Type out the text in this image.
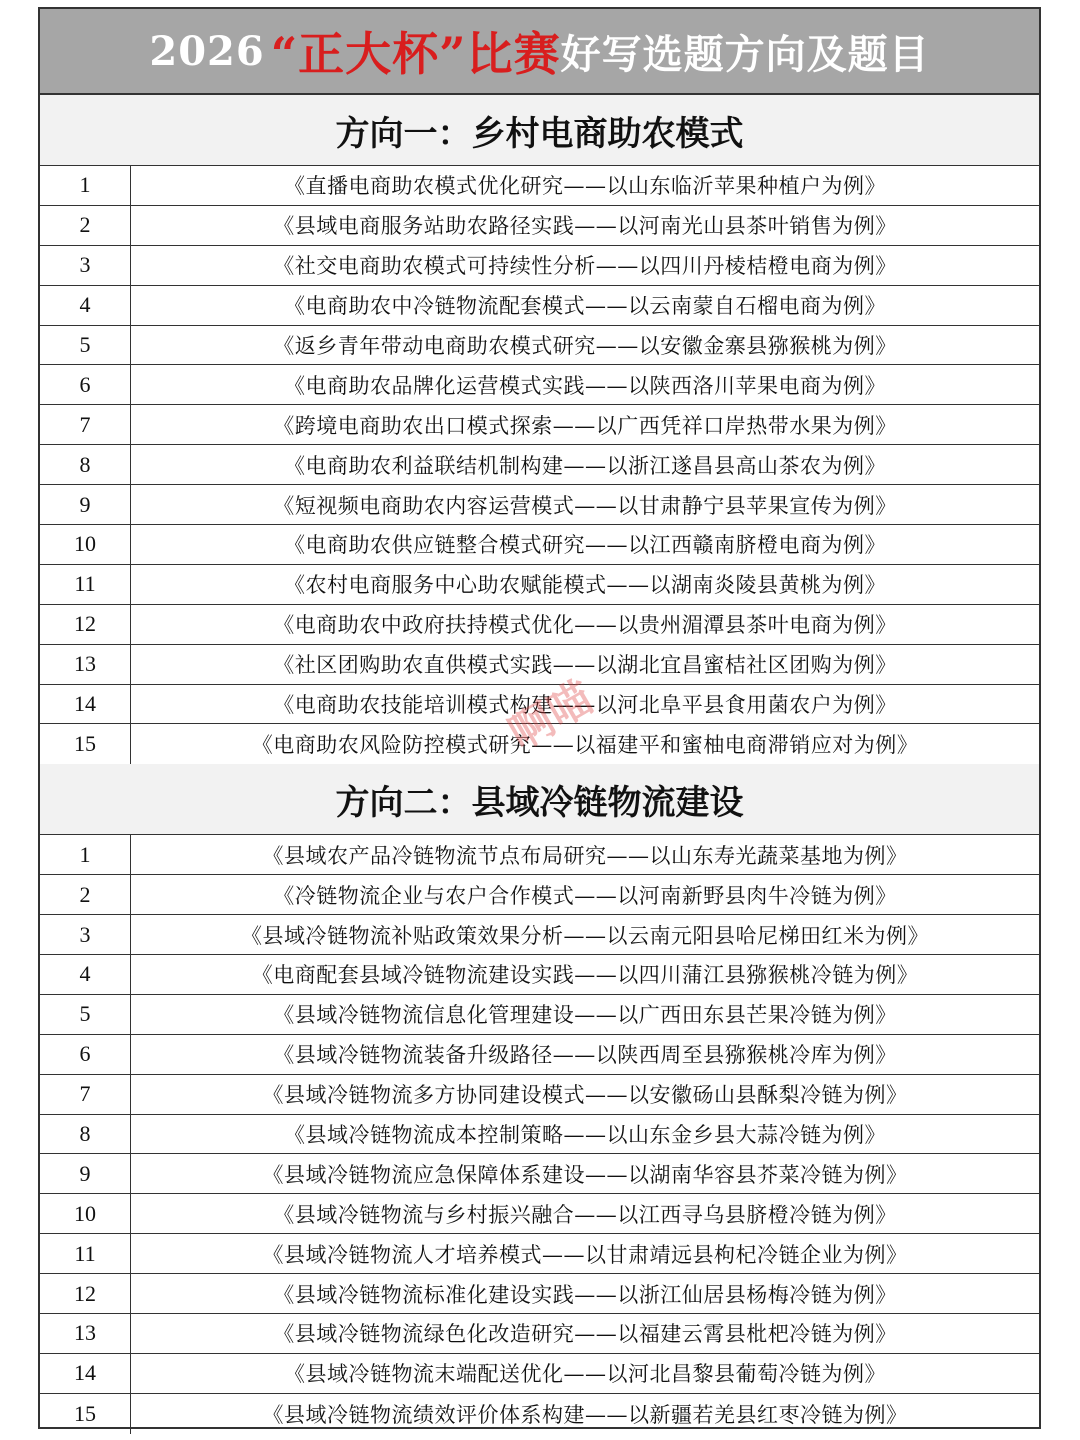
2026 “正大杯”比赛 好写选题方向及题目
方向一：乡村电商助农模式
1	《直播电商助农模式优化研究——以山东临沂苹果种植户为例》
2	《县域电商服务站助农路径实践——以河南光山县茶叶销售为例》
3	《社交电商助农模式可持续性分析——以四川丹棱桔橙电商为例》
4	《电商助农中冷链物流配套模式——以云南蒙自石榴电商为例》
5	《返乡青年带动电商助农模式研究——以安徽金寨县猕猴桃为例》
6	《电商助农品牌化运营模式实践——以陕西洛川苹果电商为例》
7	《跨境电商助农出口模式探索——以广西凭祥口岸热带水果为例》
8	《电商助农利益联结机制构建——以浙江遂昌县高山茶农为例》
9	《短视频电商助农内容运营模式——以甘肃静宁县苹果宣传为例》
10	《电商助农供应链整合模式研究——以江西赣南脐橙电商为例》
11	《农村电商服务中心助农赋能模式——以湖南炎陵县黄桃为例》
12	《电商助农中政府扶持模式优化——以贵州湄潭县茶叶电商为例》
13	《社区团购助农直供模式实践——以湖北宜昌蜜桔社区团购为例》
14	《电商助农技能培训模式构建——以河北阜平县食用菌农户为例》
15	《电商助农风险防控模式研究——以福建平和蜜柚电商滞销应对为例》
方向二：县域冷链物流建设
1	《县域农产品冷链物流节点布局研究——以山东寿光蔬菜基地为例》
2	《冷链物流企业与农户合作模式——以河南新野县肉牛冷链为例》
3	《县域冷链物流补贴政策效果分析——以云南元阳县哈尼梯田红米为例》
4	《电商配套县域冷链物流建设实践——以四川蒲江县猕猴桃冷链为例》
5	《县域冷链物流信息化管理建设——以广西田东县芒果冷链为例》
6	《县域冷链物流装备升级路径——以陕西周至县猕猴桃冷库为例》
7	《县域冷链物流多方协同建设模式——以安徽砀山县酥梨冷链为例》
8	《县域冷链物流成本控制策略——以山东金乡县大蒜冷链为例》
9	《县域冷链物流应急保障体系建设——以湖南华容县芥菜冷链为例》
10	《县域冷链物流与乡村振兴融合——以江西寻乌县脐橙冷链为例》
11	《县域冷链物流人才培养模式——以甘肃靖远县枸杞冷链企业为例》
12	《县域冷链物流标准化建设实践——以浙江仙居县杨梅冷链为例》
13	《县域冷链物流绿色化改造研究——以福建云霄县枇杷冷链为例》
14	《县域冷链物流末端配送优化——以河北昌黎县葡萄冷链为例》
15	《县域冷链物流绩效评价体系构建——以新疆若羌县红枣冷链为例》
啊喵
